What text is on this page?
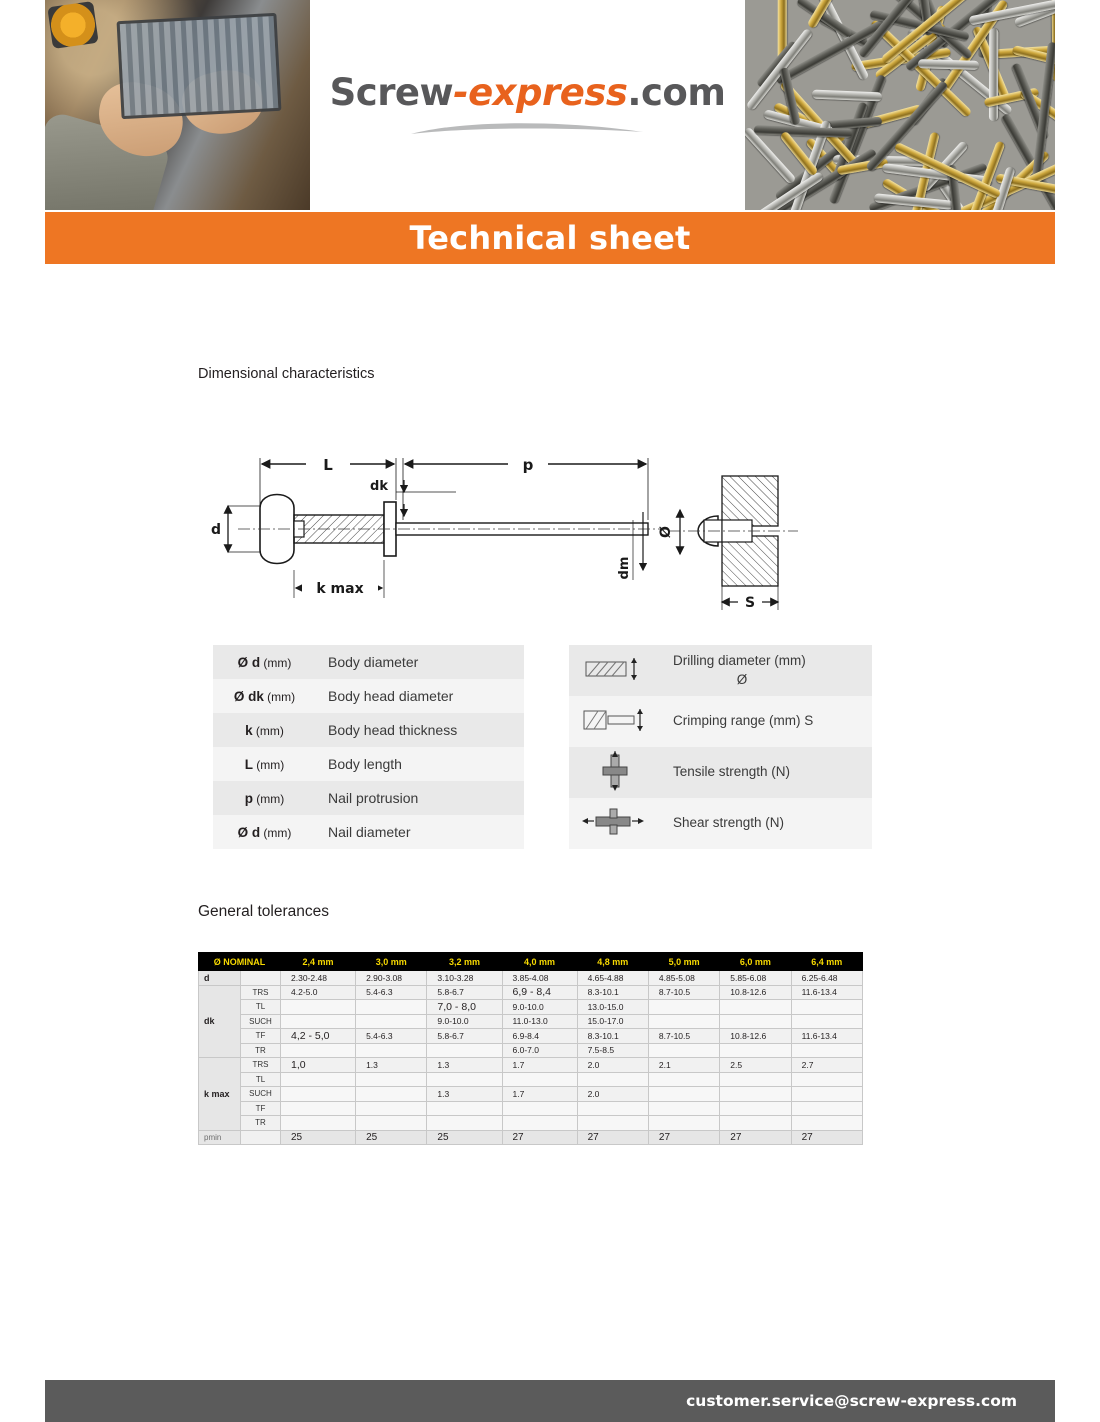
Screw-express.com
Technical sheet
Dimensional characteristics
L	p
dk
d
k max
dm
Ø
S
Ø d (mm)	Body diameter
Ø dk (mm)	Body head diameter
k (mm)	Body head thickness
L (mm)	Body length
p (mm)	Nail protrusion
Ø d (mm)	Nail diameter

Drilling diameter (mm)
Ø

Crimping range (mm) S

Tensile strength (N)

Shear strength (N)
General tolerances
Ø NOMINAL		2,4 mm	3,0 mm	3,2 mm	4,0 mm	4,8 mm	5,0 mm	6,0 mm	6,4 mm
d		2.30-2.48	2.90-3.08	3.10-3.28	3.85-4.08	4.65-4.88	4.85-5.08	5.85-6.08	6.25-6.48
dk	TRS	4.2-5.0	5.4-6.3	5.8-6.7	6,9 - 8,4	8.3-10.1	8.7-10.5	10.8-12.6	11.6-13.4
	TL			7,0 - 8,0	9.0-10.0	13.0-15.0			
	SUCH			9.0-10.0	11.0-13.0	15.0-17.0			
	TF	4,2 - 5,0	5.4-6.3	5.8-6.7	6.9-8.4	8.3-10.1	8.7-10.5	10.8-12.6	11.6-13.4
	TR				6.0-7.0	7.5-8.5			
k max	TRS	1,0	1.3	1.3	1.7	2.0	2.1	2.5	2.7
	TL								
	SUCH			1.3	1.7	2.0			
	TF								
	TR								
pmin		25	25	25	27	27	27	27	27
customer.service@screw-express.com
